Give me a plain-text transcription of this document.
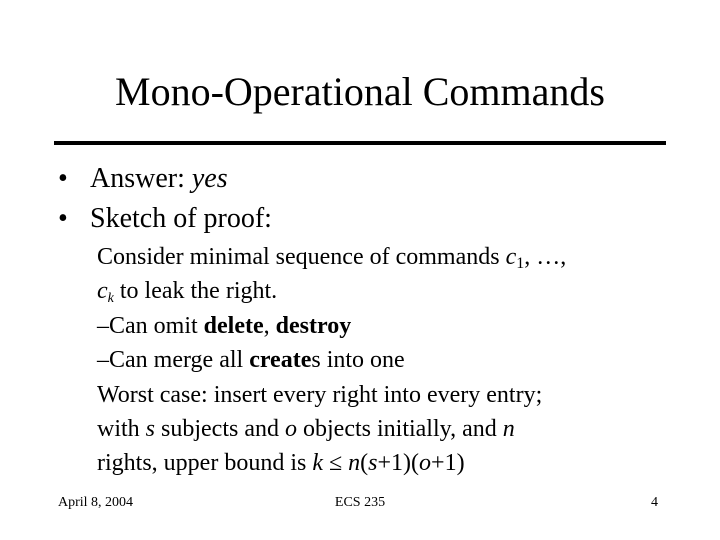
Mono-Operational Commands
• Answer: yes
• Sketch of proof:
Consider minimal sequence of commands $c_1$, …,
ck to leak the right.
–Can omit delete, destroy
–Can merge all creates into one
Worst case: insert every right into every entry;
with s subjects and o objects initially, and n
rights, upper bound is k ≤ n(s+1)(o+1)
April 8, 2004	ECS 235	4
